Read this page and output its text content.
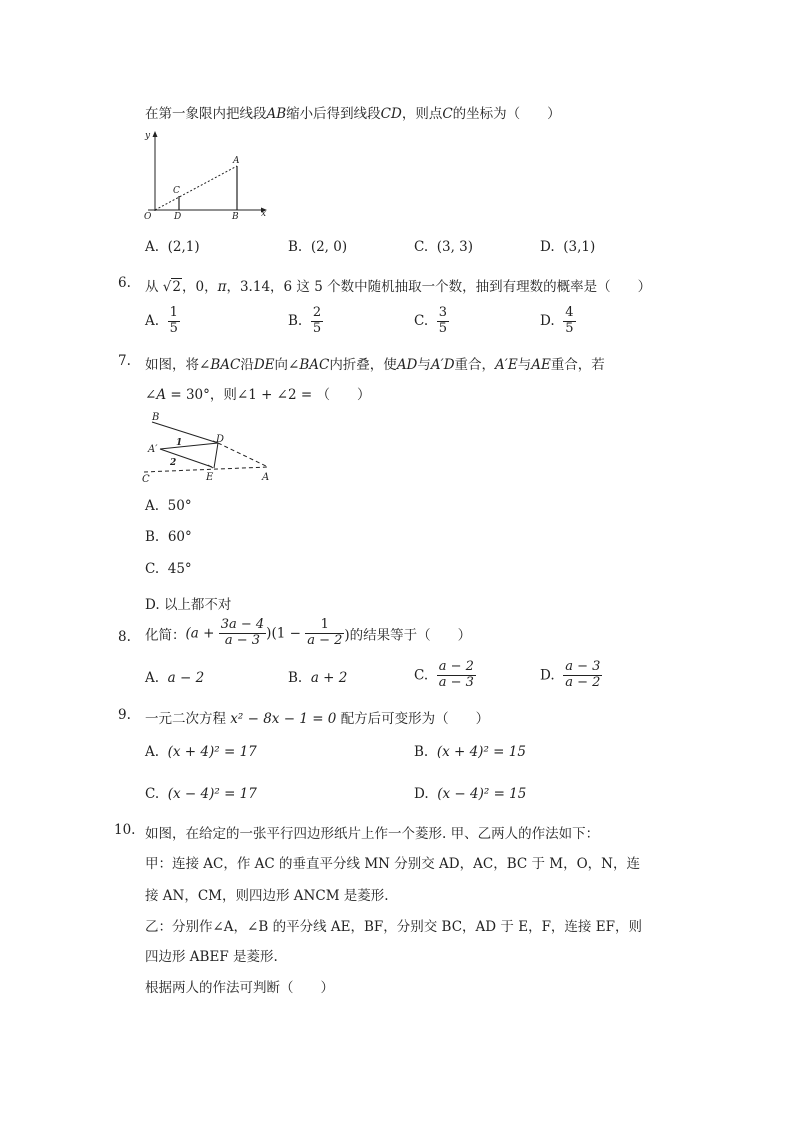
在第一象限内把线段AB缩小后得到线段CD，则点C的坐标为（　　）
y
x
O
A
B
C
D
A. (2,1)	B. (2, 0)	C. (3, 3)	D. (3,1)
6. 从 √2，0，π，3.14，6 这 5 个数中随机抽取一个数，抽到有理数的概率是（　　）
A. $\frac{1}{5}$	B. $\frac{2}{5}$	C. $\frac{3}{5}$	D. $\frac{4}{5}$
7. 如图，将∠BAC沿DE向∠BAC内折叠，使AD与A′D重合，A′E与AE重合，若
∠A = 30°，则∠1 + ∠2 = （　　）
B
D
A′
1
2
C	E	A
A. 50°
B. 60°
C. 45°
D. 以上都不对
8. 化简：$(a + \frac{3a - 4}{a - 3} )(1 - \frac{1}{a - 2}$ )的结果等于（　　）
A. a − 2	B. a + 2	C. $\frac{a - 2}{a - 3}$	D. $\frac{a - 3}{a - 2}$
9. 一元二次方程 x² − 8x − 1 = 0 配方后可变形为（　　）
A. (x + 4)² = 17	B. (x + 4)² = 15
C. (x − 4)² = 17	D. (x − 4)² = 15
10. 如图，在给定的一张平行四边形纸片上作一个菱形. 甲、乙两人的作法如下：
甲：连接 AC，作 AC 的垂直平分线 MN 分别交 AD，AC，BC 于 M，O，N，连
接 AN，CM，则四边形 ANCM 是菱形.
乙：分别作∠A，∠B 的平分线 AE，BF，分别交 BC，AD 于 E，F，连接 EF，则
四边形 ABEF 是菱形.
根据两人的作法可判断（　　）
